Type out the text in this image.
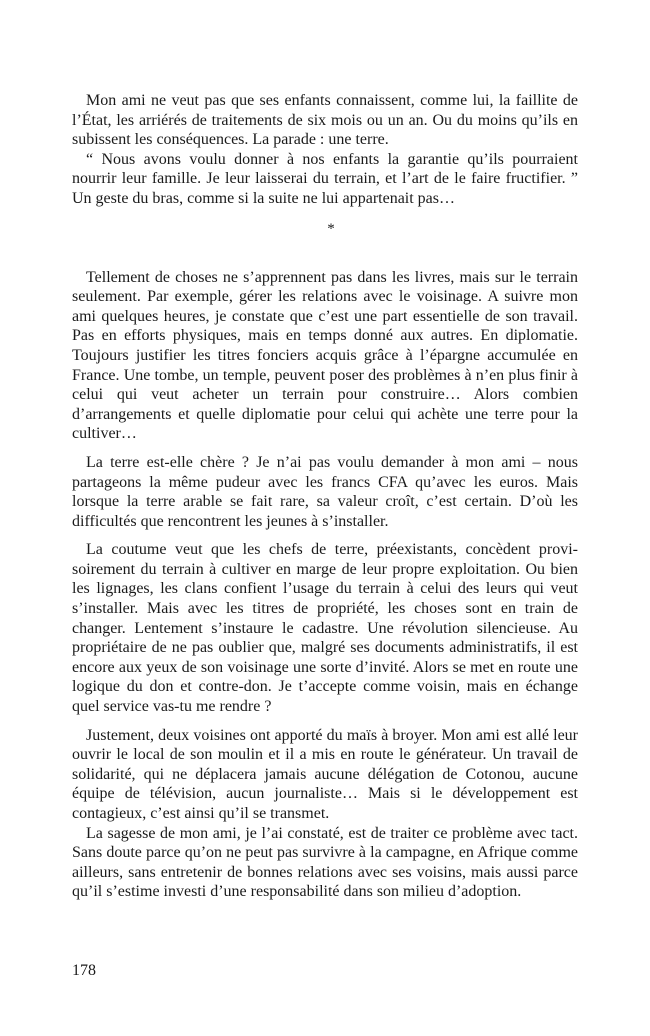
Mon ami ne veut pas que ses enfants connaissent, comme lui, la faillite de l’État, les arriérés de traitements de six mois ou un an. Ou du moins qu’ils en subissent les conséquences. La parade : une terre.

“ Nous avons voulu donner à nos enfants la garantie qu’ils pourraient nourrir leur famille. Je leur laisserai du terrain, et l’art de le faire fructifier. ” Un geste du bras, comme si la suite ne lui appartenait pas…

*

Tellement de choses ne s’apprennent pas dans les livres, mais sur le terrain seulement. Par exemple, gérer les relations avec le voisinage. A suivre mon ami quelques heures, je constate que c’est une part essentielle de son travail. Pas en efforts physiques, mais en temps donné aux autres. En diplomatie. Toujours justifier les titres fonciers acquis grâce à l’épargne accumulée en France. Une tombe, un temple, peuvent poser des problèmes à n’en plus finir à celui qui veut acheter un terrain pour construire… Alors combien d’arrangements et quelle diplomatie pour celui qui achète une terre pour la cultiver…

La terre est-elle chère ? Je n’ai pas voulu demander à mon ami – nous partageons la même pudeur avec les francs CFA qu’avec les euros. Mais lorsque la terre arable se fait rare, sa valeur croît, c’est certain. D’où les difficultés que rencontrent les jeunes à s’installer.

La coutume veut que les chefs de terre, préexistants, concèdent provisoirement du terrain à cultiver en marge de leur propre exploitation. Ou bien les lignages, les clans confient l’usage du terrain à celui des leurs qui veut s’installer. Mais avec les titres de propriété, les choses sont en train de changer. Lentement s’instaure le cadastre. Une révolution silencieuse. Au propriétaire de ne pas oublier que, malgré ses documents administratifs, il est encore aux yeux de son voisinage une sorte d’invité. Alors se met en route une logique du don et contre-don. Je t’accepte comme voisin, mais en échange quel service vas-tu me rendre ?

Justement, deux voisines ont apporté du maïs à broyer. Mon ami est allé leur ouvrir le local de son moulin et il a mis en route le générateur. Un travail de solidarité, qui ne déplacera jamais aucune délégation de Cotonou, aucune équipe de télévision, aucun journaliste… Mais si le développement est contagieux, c’est ainsi qu’il se transmet.

La sagesse de mon ami, je l’ai constaté, est de traiter ce problème avec tact. Sans doute parce qu’on ne peut pas survivre à la campagne, en Afrique comme ailleurs, sans entretenir de bonnes relations avec ses voisins, mais aussi parce qu’il s’estime investi d’une responsabilité dans son milieu d’adoption.

178
